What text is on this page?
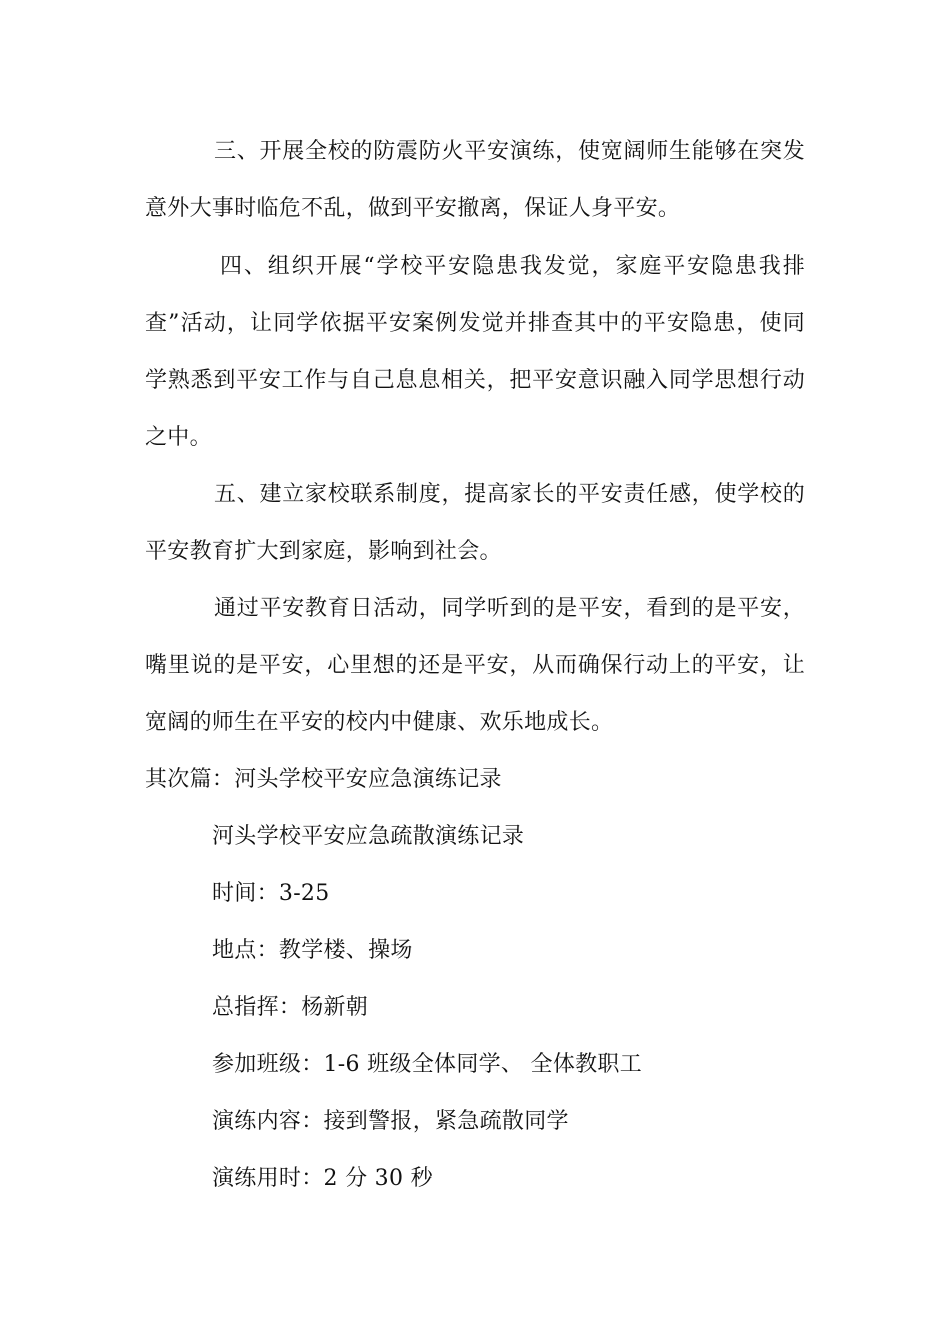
三、开展全校的防震防火平安演练，使宽阔师生能够在突发
意外大事时临危不乱，做到平安撤离，保证人身平安。
四、组织开展“学校平安隐患我发觉，家庭平安隐患我排
查”活动，让同学依据平安案例发觉并排查其中的平安隐患，使同
学熟悉到平安工作与自己息息相关，把平安意识融入同学思想行动
之中。
五、建立家校联系制度，提高家长的平安责任感，使学校的
平安教育扩大到家庭，影响到社会。
通过平安教育日活动，同学听到的是平安，看到的是平安，
嘴里说的是平安，心里想的还是平安，从而确保行动上的平安，让
宽阔的师生在平安的校内中健康、欢乐地成长。
其次篇：河头学校平安应急演练记录
河头学校平安应急疏散演练记录
时间：3-25
地点：教学楼、操场
总指挥：杨新朝
参加班级：1-6 班级全体同学、 全体教职工
演练内容：接到警报，紧急疏散同学
演练用时：2 分 30 秒
